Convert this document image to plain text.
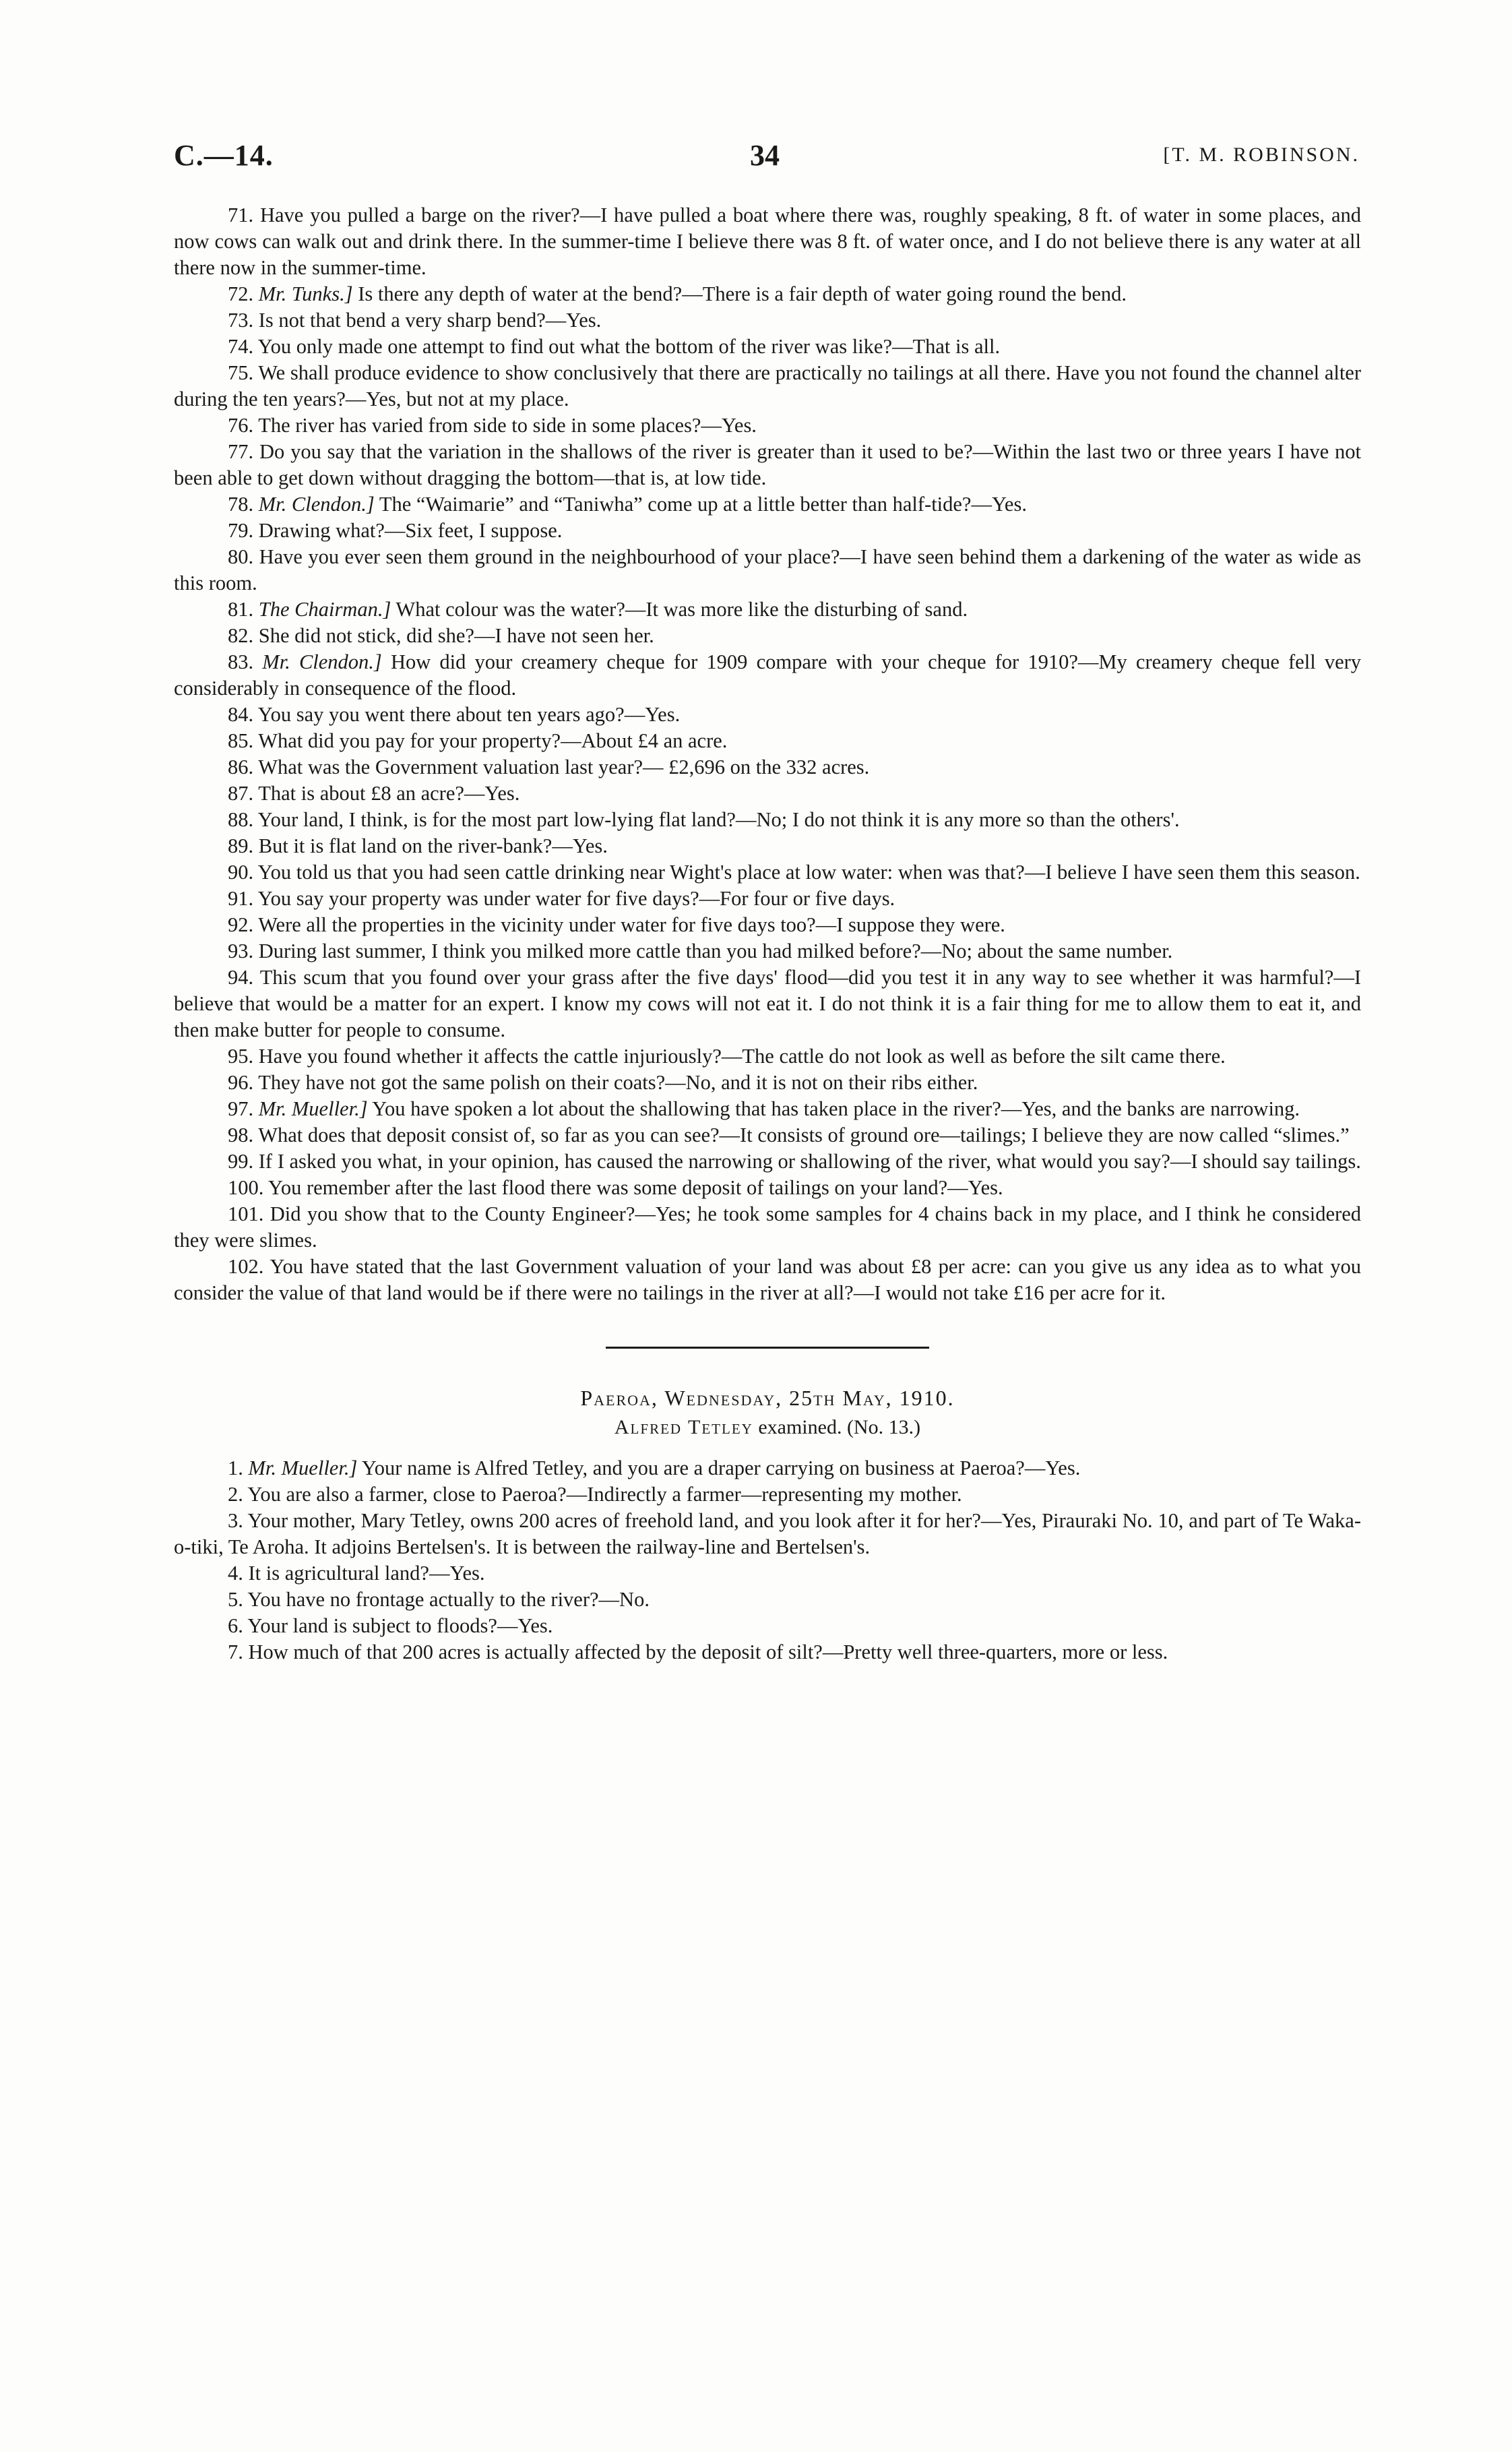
C.—14.	34	[T. M. ROBINSON.

71. Have you pulled a barge on the river?—I have pulled a boat where there was, roughly speaking, 8 ft. of water in some places, and now cows can walk out and drink there. In the summer-time I believe there was 8 ft. of water once, and I do not believe there is any water at all there now in the summer-time.

72. Mr. Tunks.] Is there any depth of water at the bend?—There is a fair depth of water going round the bend.

73. Is not that bend a very sharp bend?—Yes.

74. You only made one attempt to find out what the bottom of the river was like?—That is all.

75. We shall produce evidence to show conclusively that there are practically no tailings at all there. Have you not found the channel alter during the ten years?—Yes, but not at my place.

76. The river has varied from side to side in some places?—Yes.

77. Do you say that the variation in the shallows of the river is greater than it used to be?—Within the last two or three years I have not been able to get down without dragging the bottom—that is, at low tide.

78. Mr. Clendon.] The “Waimarie” and “Taniwha” come up at a little better than half-tide?—Yes.

79. Drawing what?—Six feet, I suppose.

80. Have you ever seen them ground in the neighbourhood of your place?—I have seen behind them a darkening of the water as wide as this room.

81. The Chairman.] What colour was the water?—It was more like the disturbing of sand.

82. She did not stick, did she?—I have not seen her.

83. Mr. Clendon.] How did your creamery cheque for 1909 compare with your cheque for 1910?—My creamery cheque fell very considerably in consequence of the flood.

84. You say you went there about ten years ago?—Yes.

85. What did you pay for your property?—About £4 an acre.

86. What was the Government valuation last year?— £2,696 on the 332 acres.

87. That is about £8 an acre?—Yes.

88. Your land, I think, is for the most part low-lying flat land?—No; I do not think it is any more so than the others'.

89. But it is flat land on the river-bank?—Yes.

90. You told us that you had seen cattle drinking near Wight's place at low water: when was that?—I believe I have seen them this season.

91. You say your property was under water for five days?—For four or five days.

92. Were all the properties in the vicinity under water for five days too?—I suppose they were.

93. During last summer, I think you milked more cattle than you had milked before?—No; about the same number.

94. This scum that you found over your grass after the five days' flood—did you test it in any way to see whether it was harmful?—I believe that would be a matter for an expert. I know my cows will not eat it. I do not think it is a fair thing for me to allow them to eat it, and then make butter for people to consume.

95. Have you found whether it affects the cattle injuriously?—The cattle do not look as well as before the silt came there.

96. They have not got the same polish on their coats?—No, and it is not on their ribs either.

97. Mr. Mueller.] You have spoken a lot about the shallowing that has taken place in the river?—Yes, and the banks are narrowing.

98. What does that deposit consist of, so far as you can see?—It consists of ground ore—tailings; I believe they are now called “slimes.”

99. If I asked you what, in your opinion, has caused the narrowing or shallowing of the river, what would you say?—I should say tailings.

100. You remember after the last flood there was some deposit of tailings on your land?—Yes.

101. Did you show that to the County Engineer?—Yes; he took some samples for 4 chains back in my place, and I think he considered they were slimes.

102. You have stated that the last Government valuation of your land was about £8 per acre: can you give us any idea as to what you consider the value of that land would be if there were no tailings in the river at all?—I would not take £16 per acre for it.

Paeroa, Wednesday, 25th May, 1910.

Alfred Tetley examined. (No. 13.)

1. Mr. Mueller.] Your name is Alfred Tetley, and you are a draper carrying on business at Paeroa?—Yes.

2. You are also a farmer, close to Paeroa?—Indirectly a farmer—representing my mother.

3. Your mother, Mary Tetley, owns 200 acres of freehold land, and you look after it for her?—Yes, Pirauraki No. 10, and part of Te Waka-o-tiki, Te Aroha. It adjoins Bertelsen's. It is between the railway-line and Bertelsen's.

4. It is agricultural land?—Yes.

5. You have no frontage actually to the river?—No.

6. Your land is subject to floods?—Yes.

7. How much of that 200 acres is actually affected by the deposit of silt?—Pretty well three-quarters, more or less.
